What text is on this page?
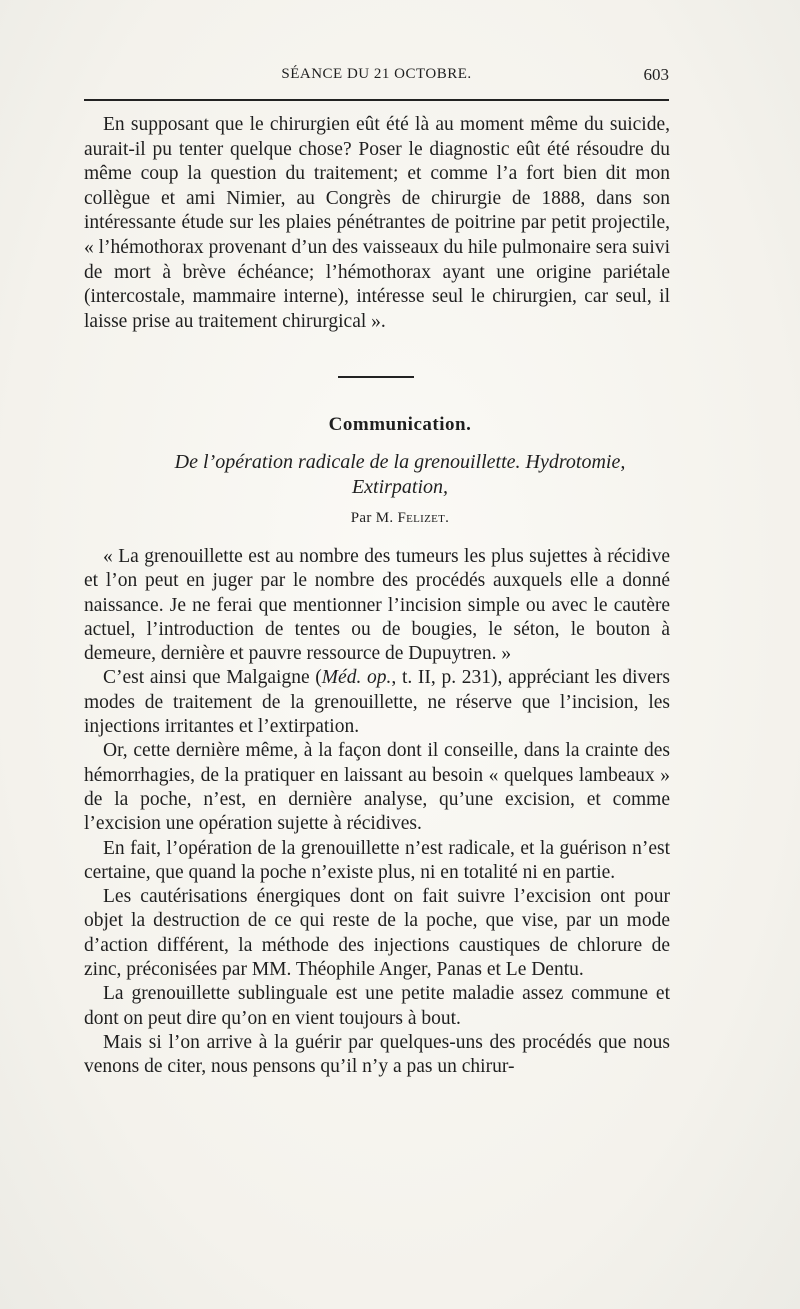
SÉANCE DU 21 OCTOBRE.	603

En supposant que le chirurgien eût été là au moment même du suicide, aurait-il pu tenter quelque chose? Poser le diagnostic eût été résoudre du même coup la question du traitement; et comme l’a fort bien dit mon collègue et ami Nimier, au Congrès de chirurgie de 1888, dans son intéressante étude sur les plaies pénétrantes de poitrine par petit projectile, « l’hémothorax provenant d’un des vaisseaux du hile pulmonaire sera suivi de mort à brève échéance; l’hémothorax ayant une origine pariétale (intercostale, mammaire interne), intéresse seul le chirurgien, car seul, il laisse prise au traitement chirurgical ».

Communication.
De l’opération radicale de la grenouillette. Hydrotomie,
Extirpation,
Par M. Felizet.

« La grenouillette est au nombre des tumeurs les plus sujettes à récidive et l’on peut en juger par le nombre des procédés auxquels elle a donné naissance. Je ne ferai que mentionner l’incision simple ou avec le cautère actuel, l’introduction de tentes ou de bougies, le séton, le bouton à demeure, dernière et pauvre ressource de Dupuytren. »

C’est ainsi que Malgaigne (Méd. op., t. II, p. 231), appréciant les divers modes de traitement de la grenouillette, ne réserve que l’incision, les injections irritantes et l’extirpation.

Or, cette dernière même, à la façon dont il conseille, dans la crainte des hémorrhagies, de la pratiquer en laissant au besoin « quelques lambeaux » de la poche, n’est, en dernière analyse, qu’une excision, et comme l’excision une opération sujette à récidives.

En fait, l’opération de la grenouillette n’est radicale, et la guérison n’est certaine, que quand la poche n’existe plus, ni en totalité ni en partie.

Les cautérisations énergiques dont on fait suivre l’excision ont pour objet la destruction de ce qui reste de la poche, que vise, par un mode d’action différent, la méthode des injections caustiques de chlorure de zinc, préconisées par MM. Théophile Anger, Panas et Le Dentu.

La grenouillette sublinguale est une petite maladie assez commune et dont on peut dire qu’on en vient toujours à bout.

Mais si l’on arrive à la guérir par quelques-uns des procédés que nous venons de citer, nous pensons qu’il n’y a pas un chirur-
